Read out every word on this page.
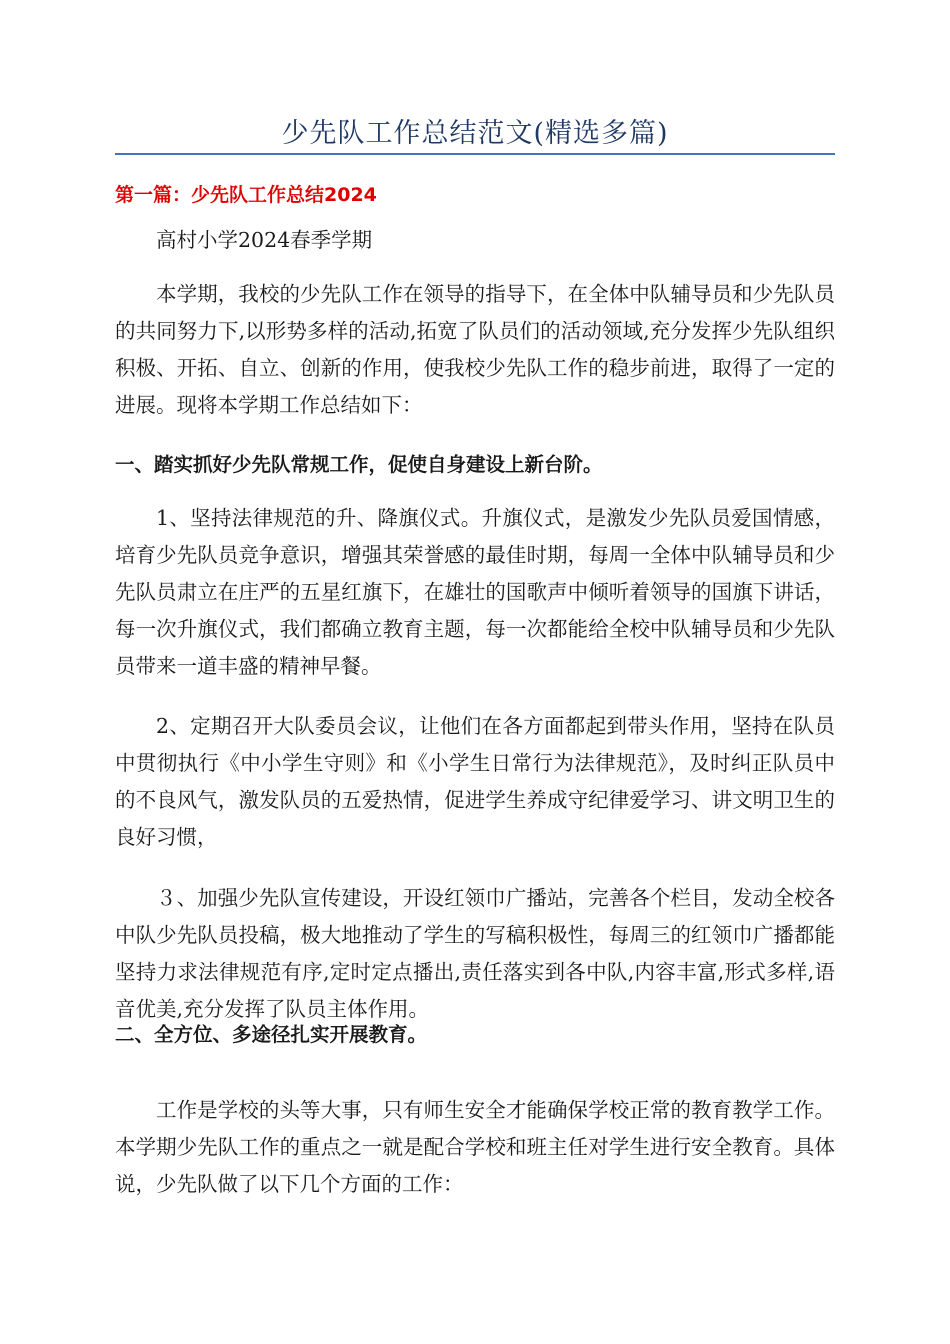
少先队工作总结范文(精选多篇)
第一篇：少先队工作总结2024

高村小学2024春季学期

本学期，我校的少先队工作在领导的指导下，在全体中队辅导员和少先队员的共同努力下,以形势多样的活动,拓宽了队员们的活动领域,充分发挥少先队组织积极、开拓、自立、创新的作用，使我校少先队工作的稳步前进，取得了一定的进展。现将本学期工作总结如下：

一、踏实抓好少先队常规工作，促使自身建设上新台阶。

1、坚持法律规范的升、降旗仪式。升旗仪式，是激发少先队员爱国情感，培育少先队员竞争意识，增强其荣誉感的最佳时期，每周一全体中队辅导员和少先队员肃立在庄严的五星红旗下，在雄壮的国歌声中倾听着领导的国旗下讲话，每一次升旗仪式，我们都确立教育主题，每一次都能给全校中队辅导员和少先队员带来一道丰盛的精神早餐。

2、定期召开大队委员会议，让他们在各方面都起到带头作用，坚持在队员中贯彻执行《中小学生守则》和《小学生日常行为法律规范》，及时纠正队员中的不良风气，激发队员的五爱热情，促进学生养成守纪律爱学习、讲文明卫生的良好习惯，

３、加强少先队宣传建设，开设红领巾广播站，完善各个栏目，发动全校各中队少先队员投稿，极大地推动了学生的写稿积极性，每周三的红领巾广播都能坚持力求法律规范有序,定时定点播出,责任落实到各中队,内容丰富,形式多样,语音优美,充分发挥了队员主体作用。

二、全方位、多途径扎实开展教育。

工作是学校的头等大事，只有师生安全才能确保学校正常的教育教学工作。本学期少先队工作的重点之一就是配合学校和班主任对学生进行安全教育。具体说，少先队做了以下几个方面的工作：
